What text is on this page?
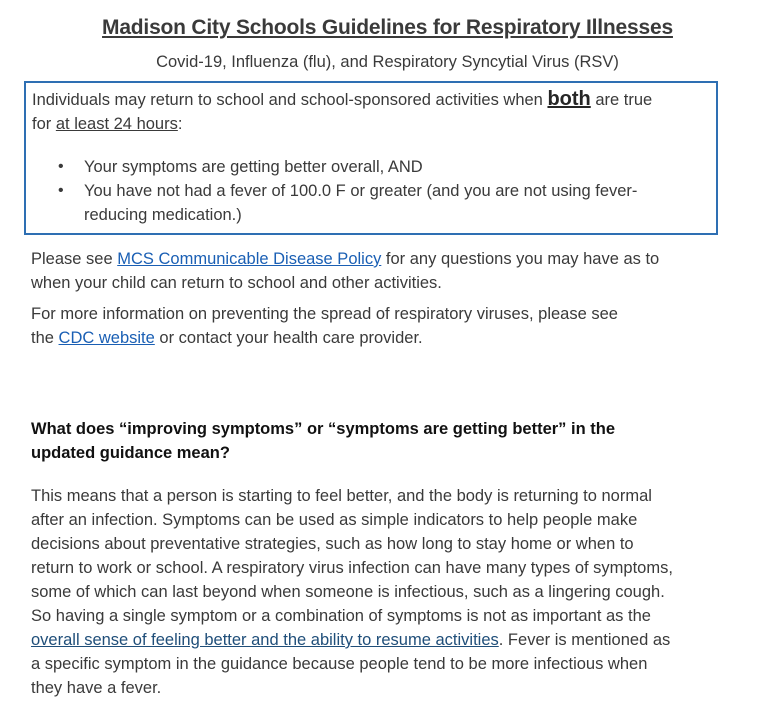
Madison City Schools Guidelines for Respiratory Illnesses
Covid-19, Influenza (flu), and Respiratory Syncytial Virus (RSV)
Individuals may return to school and school-sponsored activities when both are true
for at least 24 hours:
• Your symptoms are getting better overall, AND
• You have not had a fever of 100.0 F or greater (and you are not using fever-
reducing medication.)
Please see MCS Communicable Disease Policy for any questions you may have as to
when your child can return to school and other activities.
For more information on preventing the spread of respiratory viruses, please see
the CDC website or contact your health care provider.
What does “improving symptoms” or “symptoms are getting better” in the
updated guidance mean?
This means that a person is starting to feel better, and the body is returning to normal
after an infection. Symptoms can be used as simple indicators to help people make
decisions about preventative strategies, such as how long to stay home or when to
return to work or school. A respiratory virus infection can have many types of symptoms,
some of which can last beyond when someone is infectious, such as a lingering cough.
So having a single symptom or a combination of symptoms is not as important as the
overall sense of feeling better and the ability to resume activities. Fever is mentioned as
a specific symptom in the guidance because people tend to be more infectious when
they have a fever.
